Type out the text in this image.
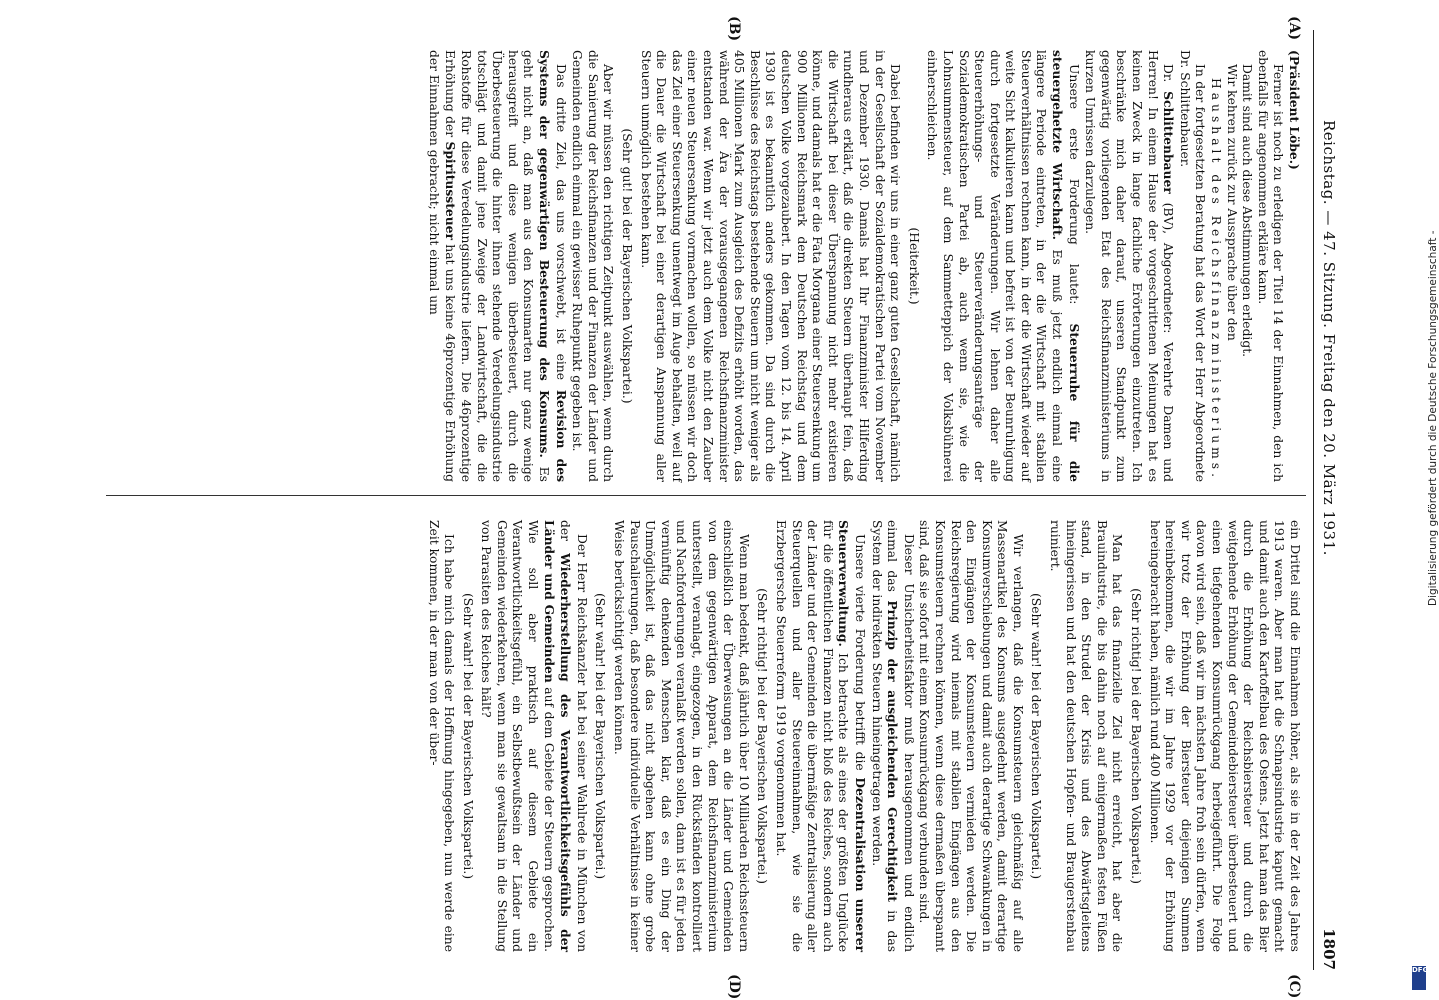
Reichstag. — 47. Sitzung. Freitag den 20. März 1931.
1807
(A)
(B)
(C)
(D)

(Präsident Löbe.)

Ferner ist noch zu erledigen der Titel 14 der Einnahmen, den ich ebenfalls für angenommen erkläre kann.

Damit sind auch diese Abstimmungen erledigt.

Wir kehren zurück zur Aussprache über den

Haushalt des Reichsfinanzministeriums.

In der fortgesetzten Beratung hat das Wort der Herr Abgeordnete Dr. Schlittenbauer.

Dr. Schlittenbauer (BV), Abgeordneter: Verehrte Damen und Herren! In einem Hause der vorgeschrittenen Meinungen hat es keinen Zweck in lange fachliche Erörterungen einzutreten. Ich beschränke mich daher darauf, unseren Standpunkt zum gegenwärtig vorliegenden Etat des Reichsfinanzministeriums in kurzen Umrissen darzulegen.

Unsere erste Forderung lautet: Steuerruhe für die steuergehetzte Wirtschaft. Es muß jetzt endlich einmal eine längere Periode eintreten, in der die Wirtschaft mit stabilen Steuerverhältnissen rechnen kann, in der die Wirtschaft wieder auf weite Sicht kalkulieren kann und befreit ist von der Beunruhigung durch fortgesetzte Veränderungen. Wir lehnen daher alle Steuererhöhungs- und Steuerveränderungsanträge der Sozialdemokratischen Partei ab, auch wenn sie, wie die Lohnsummensteuer, auf dem Sammetteppich der Volksbühnerei einherschleichen.

(Heiterkeit.)

Dabei befinden wir uns in einer ganz guten Gesellschaft, nämlich in der Gesellschaft der Sozialdemokratischen Partei vom November und Dezember 1930. Damals hat Ihr Finanzminister Hilferding rundheraus erklärt, daß die direkten Steuern überhaupt fein, daß die Wirtschaft bei dieser Überspannung nicht mehr existieren könne, und damals hat er die Fata Morgana einer Steuersenkung um 900 Millionen Reichsmark dem Deutschen Reichstag und dem deutschen Volke vorgezaubert. In den Tagen vom 12. bis 14. April 1930 ist es bekanntlich anders gekommen. Da sind durch die Beschlüsse des Reichstags bestehende Steuern um nicht weniger als 405 Millionen Mark zum Ausgleich des Defizits erhöht worden, das während der Ära der vorausgegangenen Reichsfinanzminister entstanden war. Wenn wir jetzt auch dem Volke nicht den Zauber einer neuen Steuersenkung vormachen wollen, so müssen wir doch das Ziel einer Steuersenkung unentwegt im Auge behalten, weil auf die Dauer die Wirtschaft bei einer derartigen Anspannung aller Steuern unmöglich bestehen kann.

(Sehr gut! bei der Bayerischen Volkspartei.)

Aber wir müssen den richtigen Zeitpunkt auswählen, wenn durch die Sanierung der Reichsfinanzen und der Finanzen der Länder und Gemeinden endlich einmal ein gewisser Ruhepunkt gegeben ist.

Das dritte Ziel, das uns vorschwebt, ist eine Revision des Systems der gegenwärtigen Besteuerung des Konsums. Es geht nicht an, daß man aus den Konsumarten nur ganz wenige herausgreift und diese wenigen überbesteuert, durch die Überbesteuerung die hinter ihnen stehende Veredelungsindustrie totschlägt und damit jene Zweige der Landwirtschaft, die die Rohstoffe für diese Veredelungsindustrie liefern. Die 46prozentige Erhöhung der Spiritussteuer hat uns keine 46prozentige Erhöhung der Einnahmen gebracht; nicht einmal um

ein Drittel sind die Einnahmen höher, als sie in der Zeit des Jahres 1913 waren. Aber man hat die Schnapsindustrie kaputt gemacht und damit auch den Kartoffelbau des Ostens. Jetzt hat man das Bier durch die Erhöhung der Reichsbiersteuer und durch die weitgehende Erhöhung der Gemeindebiersteuer überbesteuert und einen tiefgehenden Konsumrückgang herbeigeführt. Die Folge davon wird sein, daß wir im nächsten Jahre froh sein dürfen, wenn wir trotz der Erhöhung der Biersteuer diejenigen Summen hereinbekommen, die wir im Jahre 1929 vor der Erhöhung hereingebracht haben, nämlich rund 400 Millionen.

(Sehr richtig! bei der Bayerischen Volkspartei.)

Man hat das finanzielle Ziel nicht erreicht, hat aber die Brauindustrie, die bis dahin noch auf einigermaßen festen Füßen stand, in den Strudel der Krisis und des Abwärtsgleitens hineingerissen und hat den deutschen Hopfen- und Braugerstenbau ruiniert.

(Sehr wahr! bei der Bayerischen Volkspartei.)

Wir verlangen, daß die Konsumsteuern gleichmäßig auf alle Massenartikel des Konsums ausgedehnt werden, damit derartige Konsumverschiebungen und damit auch derartige Schwankungen in den Eingängen der Konsumsteuern vermieden werden. Die Reichsregierung wird niemals mit stabilen Eingängen aus den Konsumsteuern rechnen können, wenn diese dermaßen überspannt sind, daß sie sofort mit einem Konsumrückgang verbunden sind.

Dieser Unsicherheitsfaktor muß herausgenommen und endlich einmal das Prinzip der ausgleichenden Gerechtigkeit in das System der indirekten Steuern hineingetragen werden.

Unsere vierte Forderung betrifft die Dezentralisation unserer Steuerverwaltung. Ich betrachte als eines der größten Unglücke für die öffentlichen Finanzen nicht bloß des Reiches, sondern auch der Länder und der Gemeinden die übermäßige Zentralisierung aller Steuerquellen und aller Steuereinnahmen, wie sie die Erzbergersche Steuerreform 1919 vorgenommen hat.

(Sehr richtig! bei der Bayerischen Volkspartei.)

Wenn man bedenkt, daß jährlich über 10 Milliarden Reichssteuern einschließlich der Überweisungen an die Länder und Gemeinden von dem gegenwärtigen Apparat, dem Reichsfinanzministerium unterstellt, veranlagt, eingezogen, in den Rückständen kontrolliert und Nachforderungen veranlaßt werden sollen, dann ist es für jeden vernünftig denkenden Menschen klar, daß es ein Ding der Unmöglichkeit ist, daß das nicht abgehen kann ohne grobe Pauschalierungen, daß besondere individuelle Verhältnisse in keiner Weise berücksichtigt werden können.

(Sehr wahr! bei der Bayerischen Volkspartei.)

Der Herr Reichskanzler hat bei seiner Wahlrede in München von der Wiederherstellung des Verantwortlichkeitsgefühls der Länder und Gemeinden auf dem Gebiete der Steuern gesprochen. Wie soll aber praktisch auf diesem Gebiete ein Verantwortlichkeitsgefühl, ein Selbstbewußtsein der Länder und Gemeinden wiederkehren, wenn man sie gewaltsam in die Stellung von Parasiten des Reiches hält?

(Sehr wahr! bei der Bayerischen Volkspartei.)

Ich habe mich damals der Hoffnung hingegeben, nun werde eine Zeit kommen, in der man von der über-

Digitalisierung gefördert durch die Deutsche Forschungsgemeinschaft -
DFG
